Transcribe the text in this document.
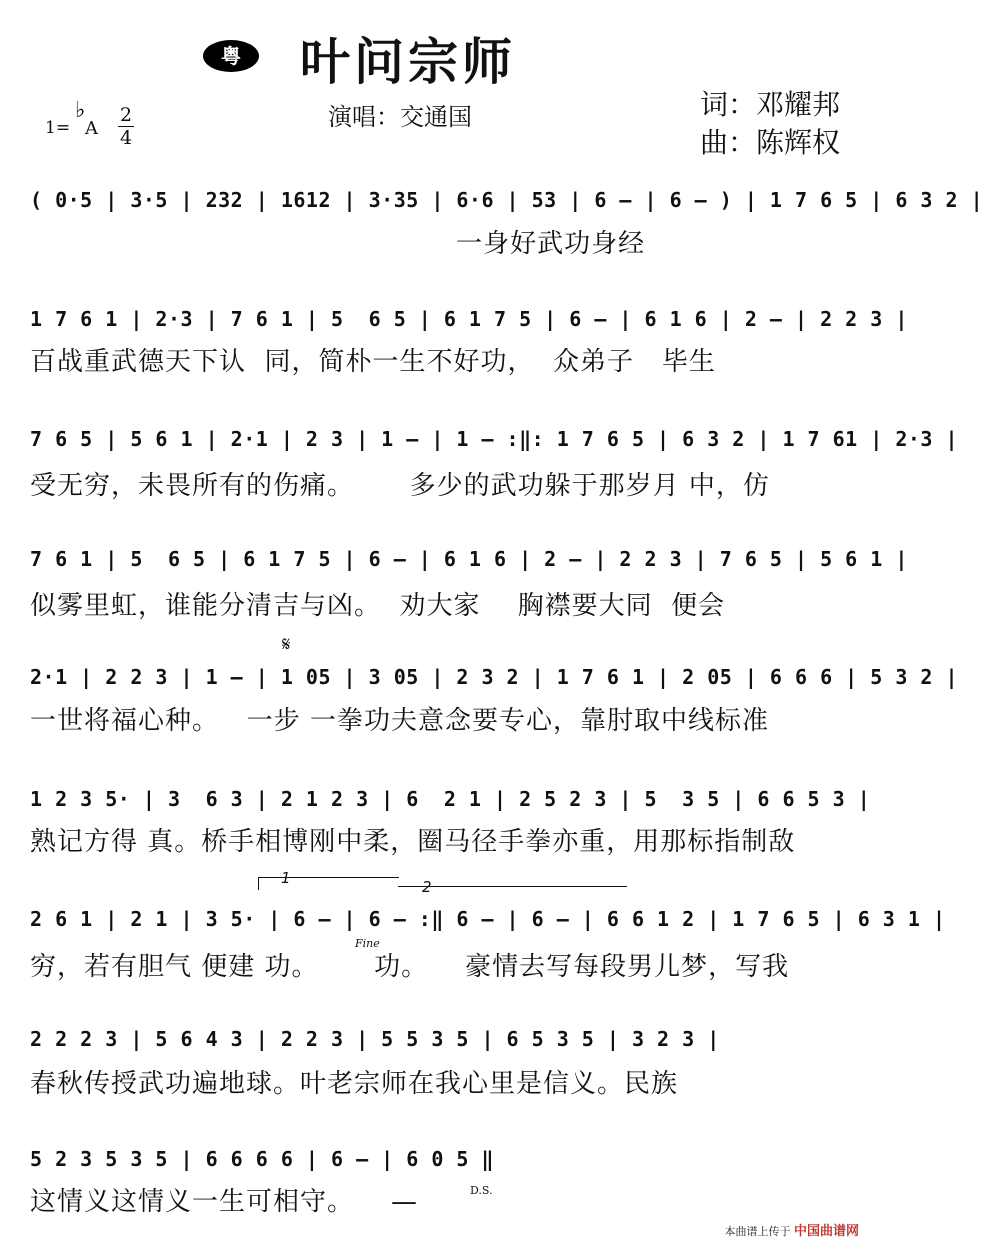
粤	叶问宗师
1=
♭
A
2
4
演唱：交通国	词：邓耀邦
曲：陈辉权
𝄋
1	2
Fine
D.S.
( 0·5 | 3·5 | 232 | 1612 | 3·35 | 6·6 | 53 | 6 – | 6 – ) | 1 7 6 5 | 6 3 2 |
一身好武功身经
1 7 6 1 | 2·3 | 7 6 1 | 5  6 5 | 6 1 7 5 | 6 – | 6 1 6 | 2 – | 2 2 3 |
百战重武德天下认  同，简朴一生不好功，  众弟子   毕生
7 6 5 | 5 6 1 | 2·1 | 2 3 | 1 – | 1 – :‖: 1 7 6 5 | 6 3 2 | 1 7 61 | 2·3 |
受无穷，未畏所有的伤痛。      多少的武功躲于那岁月 中，仿
7 6 1 | 5  6 5 | 6 1 7 5 | 6 – | 6 1 6 | 2 – | 2 2 3 | 7 6 5 | 5 6 1 |
似雾里虹，谁能分清吉与凶。  劝大家    胸襟要大同  便会
2·1 | 2 2 3 | 1 – | 1 05 | 3 05 | 2 3 2 | 1 7 6 1 | 2 05 | 6 6 6 | 5 3 2 |
一世将福心种。   一步 一拳功夫意念要专心，靠肘取中线标准
1 2 3 5· | 3  6 3 | 2 1 2 3 | 6  2 1 | 2 5 2 3 | 5  3 5 | 6 6 5 3 |
熟记方得 真。桥手相博刚中柔，圈马径手拳亦重，用那标指制敌
2 6 1 | 2 1 | 3 5· | 6 – | 6 – :‖ 6 – | 6 – | 6 6 1 2 | 1 7 6 5 | 6 3 1 |
穷，若有胆气 便建 功。      功。    豪情去写每段男儿梦，写我
2 2 2 3 | 5 6 4 3 | 2 2 3 | 5 5 3 5 | 6 5 3 5 | 3 2 3 |
春秋传授武功遍地球。叶老宗师在我心里是信义。民族
5 2 3 5 3 5 | 6 6 6 6 | 6 – | 6 0 5 ‖
这情义这情义一生可相守。    —
本曲谱上传于 中国曲谱网
